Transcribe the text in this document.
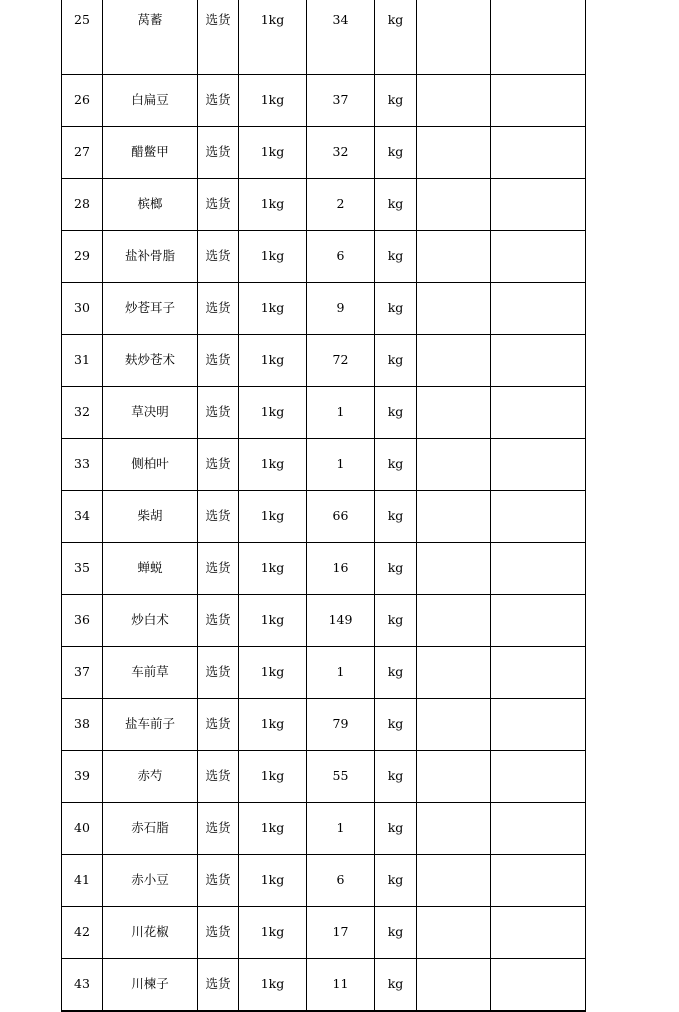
25	莴蓄	选货	1kg	34	kg		
26	白扁豆	选货	1kg	37	kg		
27	醋鳖甲	选货	1kg	32	kg		
28	槟榔	选货	1kg	2	kg		
29	盐补骨脂	选货	1kg	6	kg		
30	炒苍耳子	选货	1kg	9	kg		
31	麸炒苍术	选货	1kg	72	kg		
32	草决明	选货	1kg	1	kg		
33	侧柏叶	选货	1kg	1	kg		
34	柴胡	选货	1kg	66	kg		
35	蝉蜕	选货	1kg	16	kg		
36	炒白术	选货	1kg	149	kg		
37	车前草	选货	1kg	1	kg		
38	盐车前子	选货	1kg	79	kg		
39	赤芍	选货	1kg	55	kg		
40	赤石脂	选货	1kg	1	kg		
41	赤小豆	选货	1kg	6	kg		
42	川花椒	选货	1kg	17	kg		
43	川楝子	选货	1kg	11	kg		
